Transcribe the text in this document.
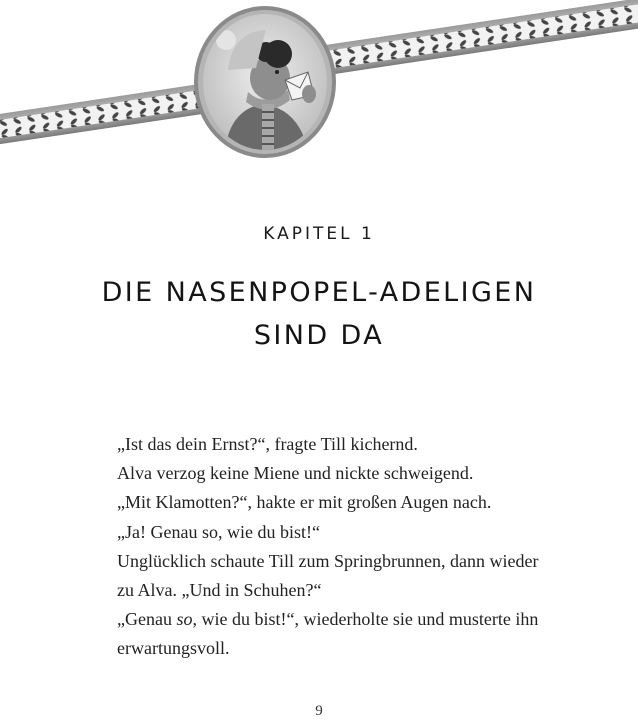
KAPITEL 1
DIE NASENPOPEL-ADELIGEN
SIND DA

„Ist das dein Ernst?“, fragte Till kichernd.

Alva verzog keine Miene und nickte schweigend.

„Mit Klamotten?“, hakte er mit großen Augen nach.

„Ja! Genau so, wie du bist!“

Unglücklich schaute Till zum Springbrunnen, dann wieder

zu Alva. „Und in Schuhen?“

„Genau so, wie du bist!“, wiederholte sie und musterte ihn

erwartungsvoll.

9
